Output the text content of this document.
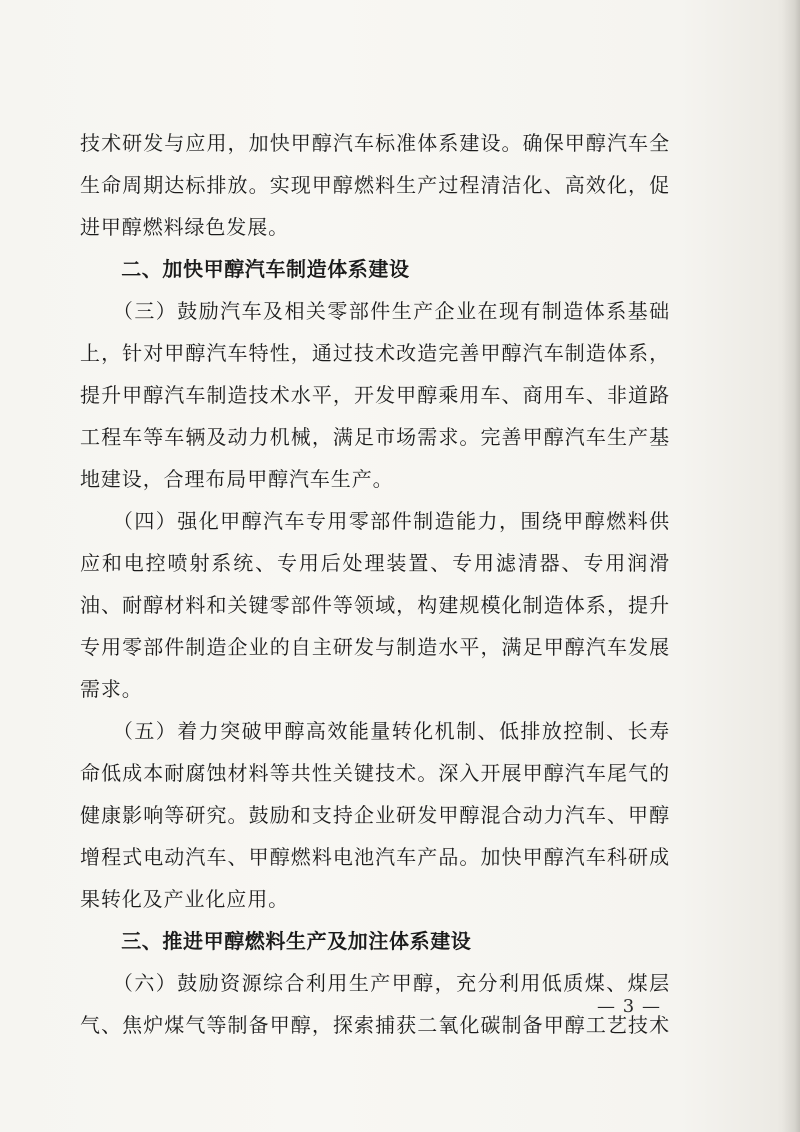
技术研发与应用，加快甲醇汽车标准体系建设。确保甲醇汽车全
生命周期达标排放。实现甲醇燃料生产过程清洁化、高效化，促
进甲醇燃料绿色发展。
　　二、加快甲醇汽车制造体系建设
　　（三）鼓励汽车及相关零部件生产企业在现有制造体系基础
上，针对甲醇汽车特性，通过技术改造完善甲醇汽车制造体系，
提升甲醇汽车制造技术水平，开发甲醇乘用车、商用车、非道路
工程车等车辆及动力机械，满足市场需求。完善甲醇汽车生产基
地建设，合理布局甲醇汽车生产。
　　（四）强化甲醇汽车专用零部件制造能力，围绕甲醇燃料供
应和电控喷射系统、专用后处理装置、专用滤清器、专用润滑
油、耐醇材料和关键零部件等领域，构建规模化制造体系，提升
专用零部件制造企业的自主研发与制造水平，满足甲醇汽车发展
需求。
　　（五）着力突破甲醇高效能量转化机制、低排放控制、长寿
命低成本耐腐蚀材料等共性关键技术。深入开展甲醇汽车尾气的
健康影响等研究。鼓励和支持企业研发甲醇混合动力汽车、甲醇
增程式电动汽车、甲醇燃料电池汽车产品。加快甲醇汽车科研成
果转化及产业化应用。
　　三、推进甲醇燃料生产及加注体系建设
　　（六）鼓励资源综合利用生产甲醇，充分利用低质煤、煤层
气、焦炉煤气等制备甲醇，探索捕获二氧化碳制备甲醇工艺技术
— 3 —
